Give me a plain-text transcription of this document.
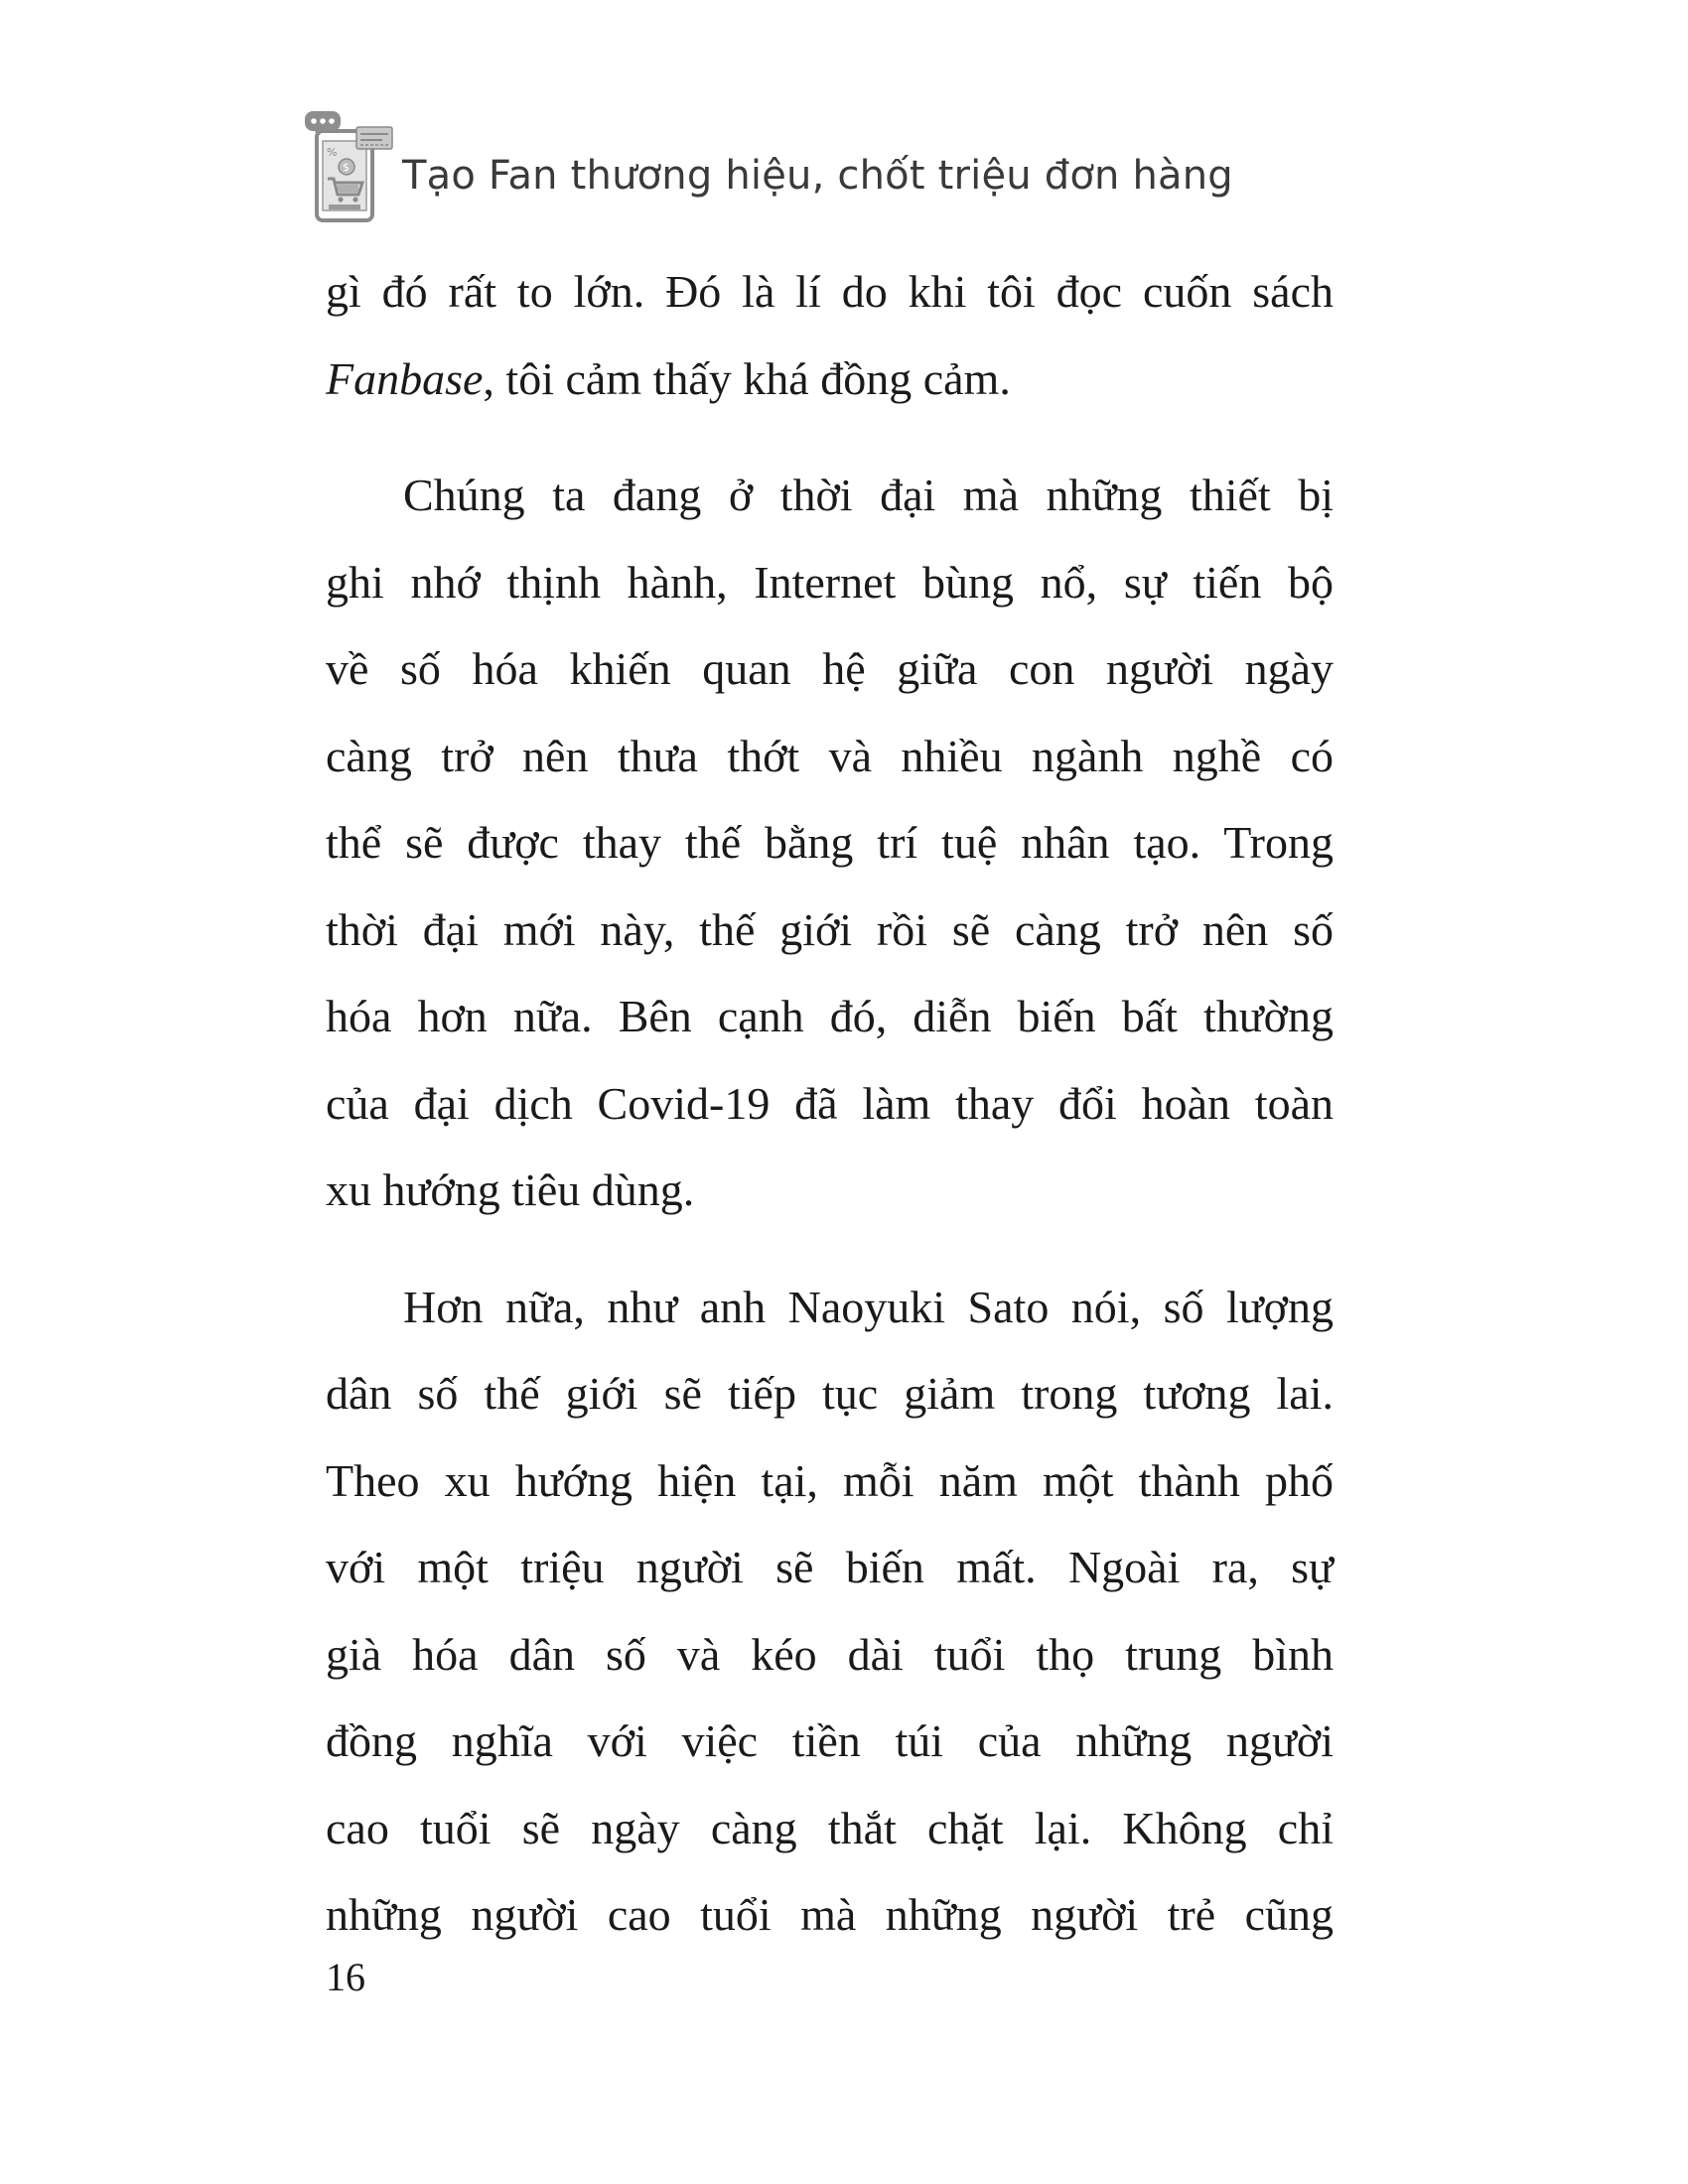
%
$ Tạo Fan thương hiệu, chốt triệu đơn hàng
gì đó rất to lớn. Đó là lí do khi tôi đọc cuốn sách
Fanbase, tôi cảm thấy khá đồng cảm.
Chúng ta đang ở thời đại mà những thiết bị
ghi nhớ thịnh hành, Internet bùng nổ, sự tiến bộ
về số hóa khiến quan hệ giữa con người ngày
càng trở nên thưa thớt và nhiều ngành nghề có
thể sẽ được thay thế bằng trí tuệ nhân tạo. Trong
thời đại mới này, thế giới rồi sẽ càng trở nên số
hóa hơn nữa. Bên cạnh đó, diễn biến bất thường
của đại dịch Covid-19 đã làm thay đổi hoàn toàn
xu hướng tiêu dùng.
Hơn nữa, như anh Naoyuki Sato nói, số lượng
dân số thế giới sẽ tiếp tục giảm trong tương lai.
Theo xu hướng hiện tại, mỗi năm một thành phố
với một triệu người sẽ biến mất. Ngoài ra, sự
già hóa dân số và kéo dài tuổi thọ trung bình
đồng nghĩa với việc tiền túi của những người
cao tuổi sẽ ngày càng thắt chặt lại. Không chỉ
những người cao tuổi mà những người trẻ cũng
16
